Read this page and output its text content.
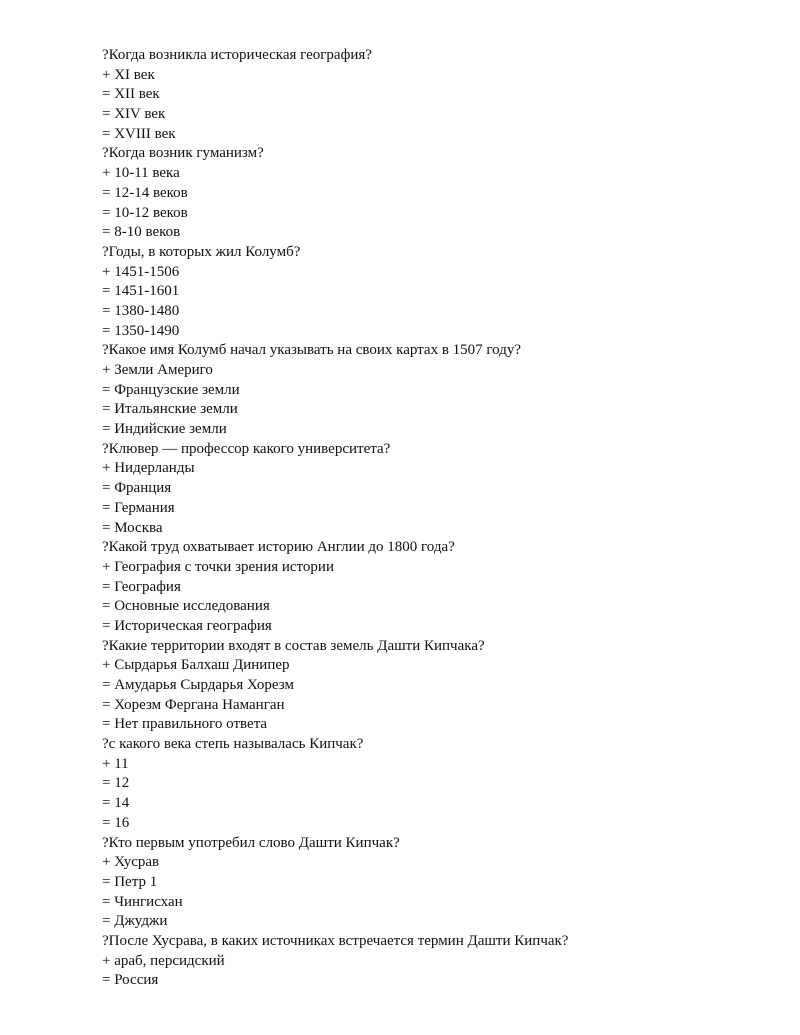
?Когда возникла историческая география?
+ XI век
= XII век
= XIV век
= XVIII век
?Когда возник гуманизм?
+ 10-11 века
= 12-14 веков
= 10-12 веков
= 8-10 веков
?Годы, в которых жил Колумб?
+ 1451-1506
= 1451-1601
= 1380-1480
= 1350-1490
?Какое имя Колумб начал указывать на своих картах в 1507 году?
+ Земли Америго
= Французские земли
= Итальянские земли
= Индийские земли
?Клювер — профессор какого университета?
+ Нидерланды
= Франция
= Германия
= Москва
?Какой труд охватывает историю Англии до 1800 года?
+ География с точки зрения истории
= География
= Основные исследования
= Историческая география
?Какие территории входят в состав земель Дашти Кипчака?
+ Сырдарья Балхаш Динипер
= Амударья Сырдарья Хорезм
= Хорезм Фергана Наманган
= Нет правильного ответа
?с какого века степь называлась Кипчак?
+ 11
= 12
= 14
= 16
?Кто первым употребил слово Дашти Кипчак?
+ Хусрав
= Петр 1
= Чингисхан
= Джуджи
?После Хусрава, в каких источниках встречается термин Дашти Кипчак?
+ араб, персидский
= Россия
